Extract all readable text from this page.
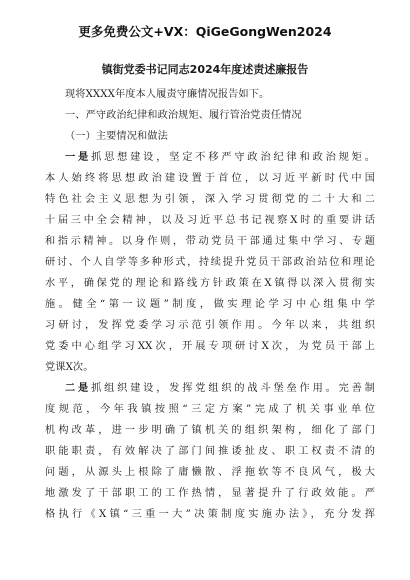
更多免费公文+VX：QiGeGongWen2024
镇街党委书记同志2024年度述责述廉报告
现将XXXX年度本人履责守廉情况报告如下。
一、严守政治纪律和政治规矩、履行管治党责任情况
（一）主要情况和做法
一是抓思想建设，坚定不移严守政治纪律和政治规矩。
本人始终将思想政治建设置于首位，以习近平新时代中国
特色社会主义思想为引领，深入学习贯彻党的二十大和二
十届三中全会精神，以及习近平总书记视察X时的重要讲话
和指示精神。以身作则，带动党员干部通过集中学习、专题
研讨、个人自学等多种形式，持续提升党员干部政治站位和理论
水平，确保党的理论和路线方针政策在X镇得以深入贯彻实
施。健全“第一议题”制度，做实理论学习中心组集中学
习研讨，发挥党委学习示范引领作用。今年以来，共组织
党委中心组学习XX次，开展专项研讨X次，为党员干部上
党课X次。
二是抓组织建设，发挥党组织的战斗堡垒作用。完善制
度规范，今年我镇按照“三定方案”完成了机关事业单位
机构改革，进一步明确了镇机关的组织架构，细化了部门
职能职责，有效解决了部门间推诿扯皮、职工权责不清的
问题，从源头上根除了庸懒散、浮拖软等不良风气，极大
地激发了干部职工的工作热情，显著提升了行政效能。严
格执行《X镇“三重一大”决策制度实施办法》，充分发挥
